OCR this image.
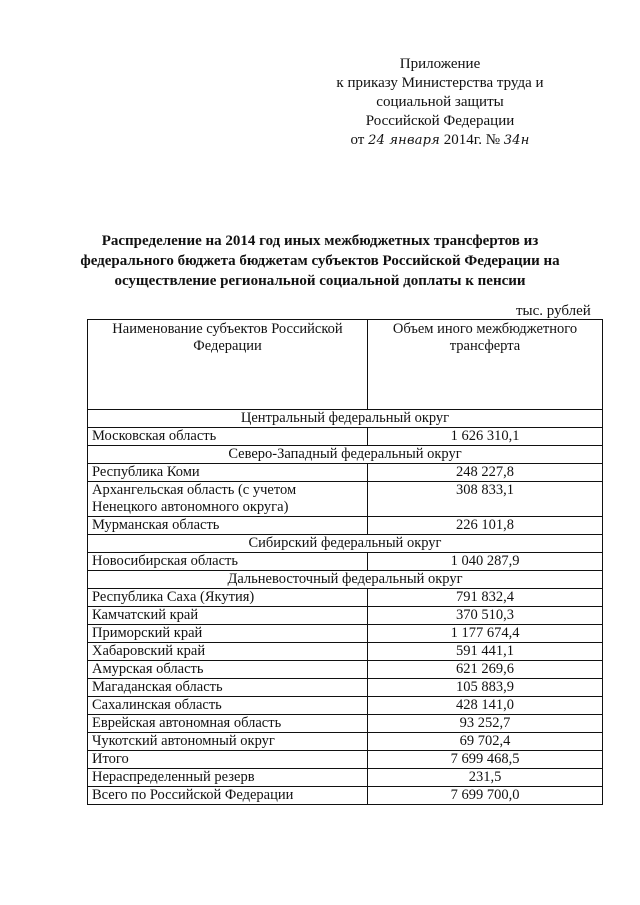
Приложение
к приказу Министерства труда и
социальной защиты
Российской Федерации
от 24 января 2014г. № 34н
Распределение на 2014 год иных межбюджетных трансфертов из
федерального бюджета бюджетам субъектов Российской Федерации на
осуществление региональной социальной доплаты к пенсии
тыс. рублей
Наименование субъектов Российской Федерации	Объем иного межбюджетного трансферта
Центральный федеральный округ	
Московская область	1 626 310,1
Северо-Западный федеральный округ	
Республика Коми	248 227,8
Архангельская область (с учетом Ненецкого автономного округа)	308 833,1
Мурманская область	226 101,8
Сибирский федеральный округ	
Новосибирская область	1 040 287,9
Дальневосточный федеральный округ	
Республика Саха (Якутия)	791 832,4
Камчатский край	370 510,3
Приморский край	1 177 674,4
Хабаровский край	591 441,1
Амурская область	621 269,6
Магаданская область	105 883,9
Сахалинская область	428 141,0
Еврейская автономная область	93 252,7
Чукотский автономный округ	69 702,4
Итого	7 699 468,5
Нераспределенный резерв	231,5
Всего по Российской Федерации	7 699 700,0
